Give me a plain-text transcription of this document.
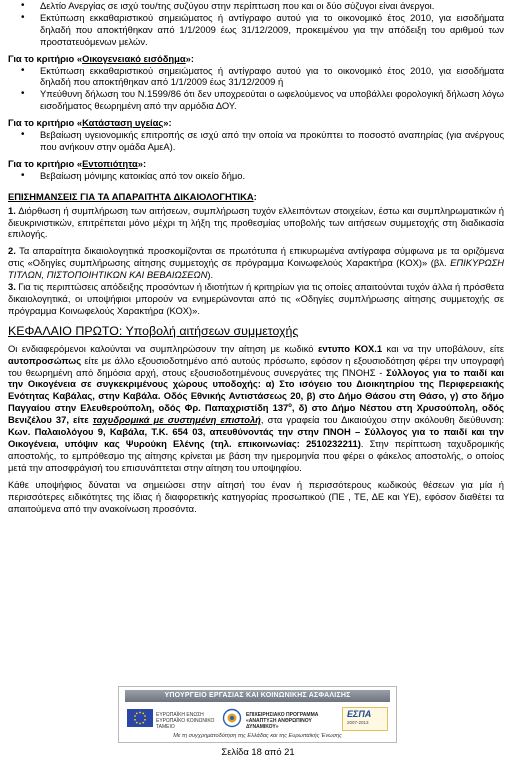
• Δελτίο Ανεργίας σε ισχύ του/της συζύγου στην περίπτωση που και οι δύο σύζυγοι είναι άνεργοι.
• Εκτύπωση εκκαθαριστικού σημειώματος ή αντίγραφο αυτού για το οικονομικό έτος 2010, για εισοδήματα δηλαδή που αποκτήθηκαν από 1/1/2009 έως 31/12/2009, προκειμένου για την απόδειξη του αριθμού των προστατευόμενων μελών.

Για το κριτήριο «Οικογενειακό εισόδημα»:

• Εκτύπωση εκκαθαριστικού σημειώματος ή αντίγραφο αυτού για το οικονομικό έτος 2010, για εισοδήματα δηλαδή που αποκτήθηκαν από 1/1/2009 έως 31/12/2009 ή
• Υπεύθυνη δήλωση του Ν.1599/86 ότι δεν υποχρεούται ο ωφελούμενος να υποβάλλει φορολογική δήλωση λόγω εισοδήματος θεωρημένη από την αρμόδια ΔΟΥ.

Για το κριτήριο «Κατάσταση υγείας»:

• Βεβαίωση υγειονομικής επιτροπής σε ισχύ από την οποία να προκύπτει το ποσοστό αναπηρίας (για ανέργους που ανήκουν στην ομάδα ΑμεΑ).

Για το κριτήριο «Εντοπιότητα»:

• Βεβαίωση μόνιμης κατοικίας από τον οικείο δήμο.

ΕΠΙΣΗΜΑΝΣΕΙΣ ΓΙΑ ΤΑ ΑΠΑΡΑΙΤΗΤΑ ΔΙΚΑΙΟΛΟΓΗΤΙΚΑ:

1. Διόρθωση ή συμπλήρωση των αιτήσεων, συμπλήρωση τυχόν ελλειπόντων στοιχείων, έστω και συμπληρωματικών ή διευκρινιστικών, επιτρέπεται μόνο μέχρι τη λήξη της προθεσμίας υποβολής των αιτήσεων συμμετοχής στη διαδικασία επιλογής.

2. Τα απαραίτητα δικαιολογητικά προσκομίζονται σε πρωτότυπα ή επικυρωμένα αντίγραφα σύμφωνα με τα οριζόμενα στις «Οδηγίες συμπλήρωσης αίτησης συμμετοχής σε πρόγραμμα Κοινωφελούς Χαρακτήρα (ΚΟΧ)» (βλ. ΕΠΙΚΥΡΩΣΗ ΤΙΤΛΩΝ, ΠΙΣΤΟΠΟΙΗΤΙΚΩΝ ΚΑΙ ΒΕΒΑΙΩΣΕΩΝ).

3. Για τις περιπτώσεις απόδειξης προσόντων ή ιδιοτήτων ή κριτηρίων για τις οποίες απαιτούνται τυχόν άλλα ή πρόσθετα δικαιολογητικά, οι υποψήφιοι μπορούν να ενημερώνονται από τις «Οδηγίες συμπλήρωσης αίτησης συμμετοχής σε πρόγραμμα Κοινωφελούς Χαρακτήρα (ΚΟΧ)».

ΚΕΦΑΛΑΙΟ ΠΡΩΤΟ: Υποβολή αιτήσεων συμμετοχής

Οι ενδιαφερόμενοι καλούνται να συμπληρώσουν την αίτηση με κωδικό εντυπο ΚΟΧ.1 και να την υποβάλουν, είτε αυτοπροσώπως είτε με άλλο εξουσιοδοτημένο από αυτούς πρόσωπο, εφόσον η εξουσιοδότηση φέρει την υπογραφή του θεωρημένη από δημόσια αρχή, στους εξουσιοδοτημένους συνεργάτες της ΠΝΟΗΣ - Σύλλογος για το παιδί και την Οικογένεια σε συγκεκριμένους χώρους υποδοχής: α) Στο ισόγειο του Διοικητηρίου της Περιφερειακής Ενότητας Καβάλας, στην Καβάλα. Οδός Εθνικής Αντιστάσεως 20, β) στο Δήμο Θάσου στη Θάσο, γ) στο δήμο Παγγαίου στην Ελευθερούπολη, οδός Φρ. Παπαχριστίδη $137^o$, δ) στο Δήμο Νέστου στη Χρυσούπολη, οδός Βενιζέλου 37, είτε ταχυδρομικά με συστημένη επιστολή, στα γραφεία του Δικαιούχου στην ακόλουθη διεύθυνση: Κων. Παλαιολόγου 9, Καβάλα, Τ.Κ. 654 03, απευθύνοντάς την στην ΠΝΟΗ – Σύλλογος για το παιδί και την Οικογένεια, υπόψιν κας Ψυρούκη Ελένης (τηλ. επικοινωνίας: 2510232211). Στην περίπτωση ταχυδρομικής αποστολής, το εμπρόθεσμο της αίτησης κρίνεται με βάση την ημερομηνία που φέρει ο φάκελος αποστολής, ο οποίος μετά την αποσφράγισή του επισυνάπτεται στην αίτηση του υποψηφίου.

Κάθε υποψήφιος δύναται να σημειώσει στην αίτησή του έναν ή περισσότερους κωδικούς θέσεων για μία ή περισσότερες ειδικότητες της ίδιας ή διαφορετικής κατηγορίας προσωπικού (ΠΕ , ΤΕ, ΔΕ και ΥΕ), εφόσον διαθέτει τα απαιτούμενα από την ανακοίνωση προσόντα.

ΥΠΟΥΡΓΕΙΟ ΕΡΓΑΣΙΑΣ ΚΑΙ ΚΟΙΝΩΝΙΚΗΣ ΑΣΦΑΛΙΣΗΣ
ΕΥΡΩΠΑΪΚΗ ΕΝΩΣΗ ΕΥΡΩΠΑΪΚΟ ΚΟΙΝΩΝΙΚΟ ΤΑΜΕΙΟ
ΕΠΙΧΕΙΡΗΣΙΑΚΟ ΠΡΟΓΡΑΜΜΑ «ΑΝΑΠΤΥΞΗ ΑΝΘΡΩΠΙΝΟΥ ΔΥΝΑΜΙΚΟΥ»
ΕΣΠΑ
2007-2013
Με τη συγχρηματοδότηση της Ελλάδας και της Ευρωπαϊκής Ένωσης
Σελίδα 18 από 21
